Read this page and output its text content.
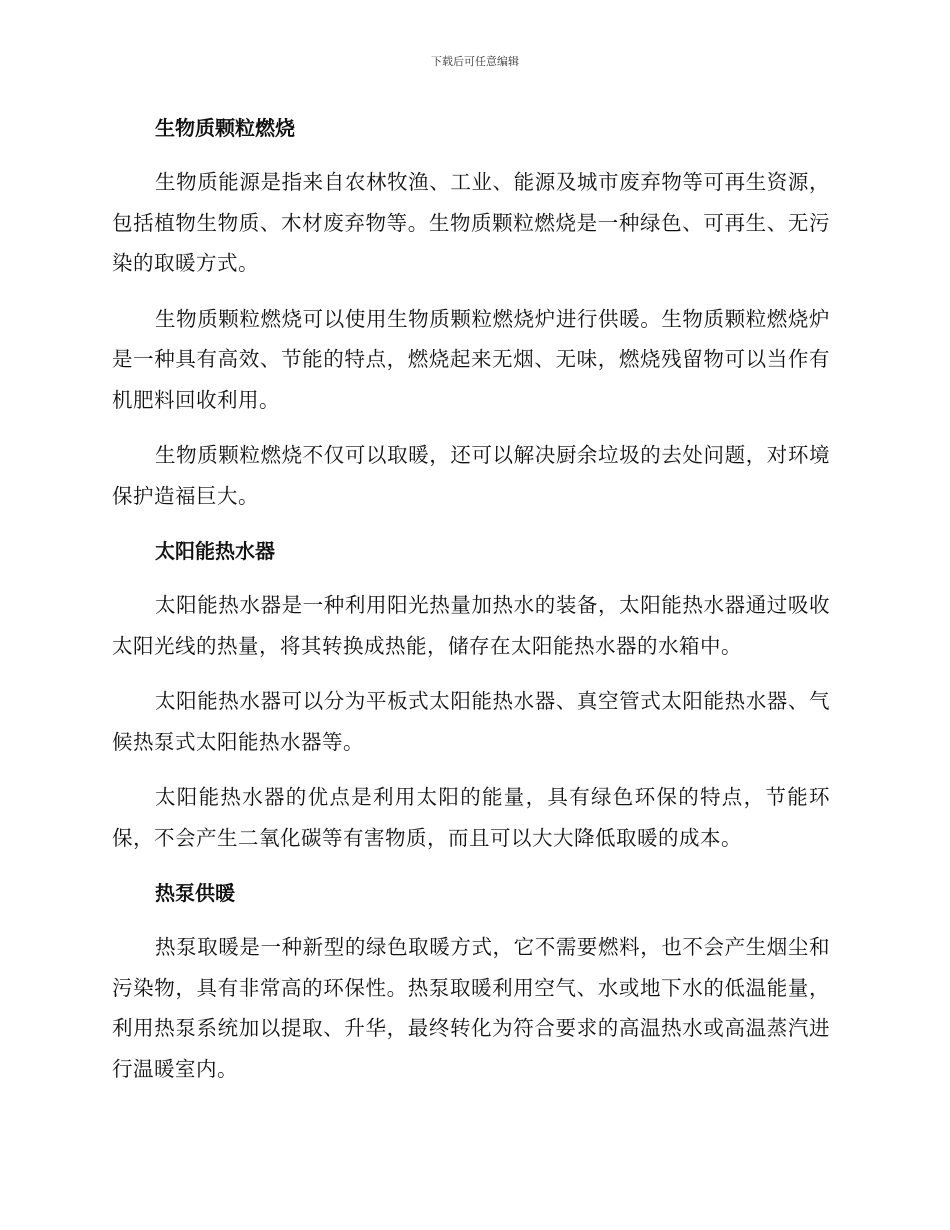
下载后可任意编辑
生物质颗粒燃烧

生物质能源是指来自农林牧渔、工业、能源及城市废弃物等可再生资源，包括植物生物质、木材废弃物等。生物质颗粒燃烧是一种绿色、可再生、无污染的取暖方式。

生物质颗粒燃烧可以使用生物质颗粒燃烧炉进行供暖。生物质颗粒燃烧炉是一种具有高效、节能的特点，燃烧起来无烟、无味，燃烧残留物可以当作有机肥料回收利用。

生物质颗粒燃烧不仅可以取暖，还可以解决厨余垃圾的去处问题，对环境保护造福巨大。

太阳能热水器

太阳能热水器是一种利用阳光热量加热水的装备，太阳能热水器通过吸收太阳光线的热量，将其转换成热能，储存在太阳能热水器的水箱中。

太阳能热水器可以分为平板式太阳能热水器、真空管式太阳能热水器、气候热泵式太阳能热水器等。

太阳能热水器的优点是利用太阳的能量，具有绿色环保的特点，节能环保，不会产生二氧化碳等有害物质，而且可以大大降低取暖的成本。

热泵供暖

热泵取暖是一种新型的绿色取暖方式，它不需要燃料，也不会产生烟尘和污染物，具有非常高的环保性。热泵取暖利用空气、水或地下水的低温能量，利用热泵系统加以提取、升华，最终转化为符合要求的高温热水或高温蒸汽进行温暖室内。
